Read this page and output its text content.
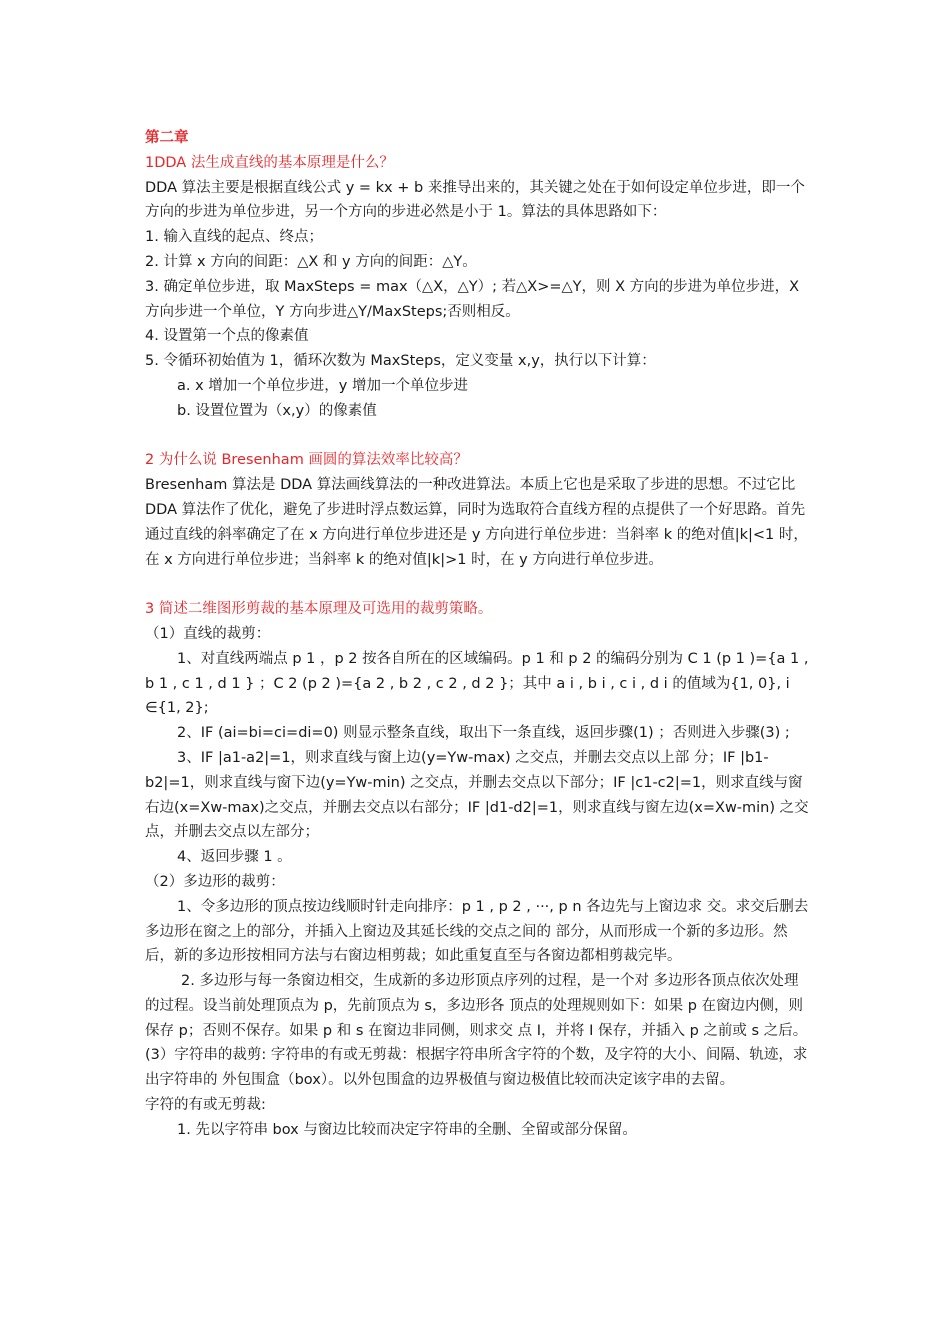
第二章
1DDA 法生成直线的基本原理是什么？
DDA 算法主要是根据直线公式 y = kx + b 来推导出来的，其关键之处在于如何设定单位步进，即一个方向的步进为单位步进，另一个方向的步进必然是小于 1。算法的具体思路如下：
1. 输入直线的起点、终点；
2. 计算 x 方向的间距：△X 和 y 方向的间距：△Y。
3. 确定单位步进，取 MaxSteps = max（△X，△Y）; 若△X>=△Y，则 X 方向的步进为单位步进，X 方向步进一个单位，Y 方向步进△Y/MaxSteps;否则相反。
4. 设置第一个点的像素值
5. 令循环初始值为 1，循环次数为 MaxSteps，定义变量 x,y，执行以下计算：
a. x 增加一个单位步进，y 增加一个单位步进
b. 设置位置为（x,y）的像素值
2 为什么说 Bresenham 画圆的算法效率比较高？
Bresenham 算法是 DDA 算法画线算法的一种改进算法。本质上它也是采取了步进的思想。不过它比 DDA 算法作了优化，避免了步进时浮点数运算，同时为选取符合直线方程的点提供了一个好思路。首先通过直线的斜率确定了在 x 方向进行单位步进还是 y 方向进行单位步进：当斜率 k 的绝对值|k|<1 时，在 x 方向进行单位步进；当斜率 k 的绝对值|k|>1 时，在 y 方向进行单位步进。
3 简述二维图形剪裁的基本原理及可选用的裁剪策略。
（1）直线的裁剪：
1、对直线两端点 p 1 ，p 2 按各自所在的区域编码。p 1 和 p 2 的编码分别为 C 1 (p 1 )={a 1 , b 1 , c 1 , d 1 } ；C 2 (p 2 )={a 2 , b 2 , c 2 , d 2 }；其中 a i , b i , c i , d i 的值域为{1, 0}, i ∈{1, 2};
2、IF (ai=bi=ci=di=0) 则显示整条直线，取出下一条直线，返回步骤(1) ；否则进入步骤(3) ;
3、IF |a1-a2|=1，则求直线与窗上边(y=Yw-max) 之交点，并删去交点以上部 分；IF |b1-b2|=1，则求直线与窗下边(y=Yw-min) 之交点，并删去交点以下部分；IF |c1-c2|=1，则求直线与窗右边(x=Xw-max)之交点，并删去交点以右部分；IF |d1-d2|=1，则求直线与窗左边(x=Xw-min) 之交点，并删去交点以左部分；
4、返回步骤 1 。
（2）多边形的裁剪：
1、令多边形的顶点按边线顺时针走向排序：p 1 , p 2 , ···, p n 各边先与上窗边求 交。求交后删去多边形在窗之上的部分，并插入上窗边及其延长线的交点之间的 部分，从而形成一个新的多边形。然后，新的多边形按相同方法与右窗边相剪裁；如此重复直至与各窗边都相剪裁完毕。
2. 多边形与每一条窗边相交，生成新的多边形顶点序列的过程，是一个对 多边形各顶点依次处理的过程。设当前处理顶点为 p，先前顶点为 s，多边形各 顶点的处理规则如下：如果 p 在窗边内侧，则保存 p；否则不保存。如果 p 和 s 在窗边非同侧，则求交 点 I，并将 I 保存，并插入 p 之前或 s 之后。
(3）字符串的裁剪: 字符串的有或无剪裁：根据字符串所含字符的个数，及字符的大小、间隔、轨迹，求出字符串的 外包围盒（box）。以外包围盒的边界极值与窗边极值比较而决定该字串的去留。
字符的有或无剪裁:
1. 先以字符串 box 与窗边比较而决定字符串的全删、全留或部分保留。
